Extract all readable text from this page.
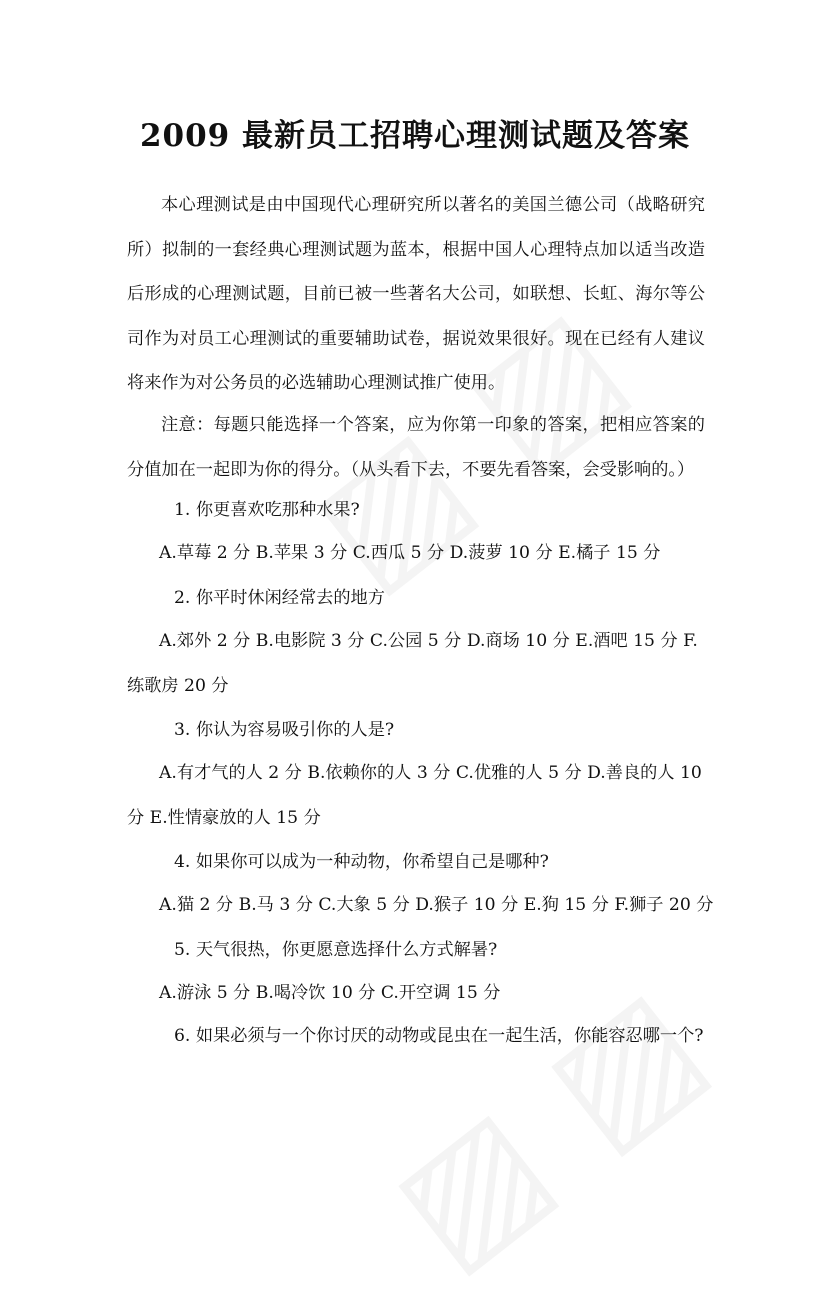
2009 最新员工招聘心理测试题及答案
本心理测试是由中国现代心理研究所以著名的美国兰德公司（战略研究所）拟制的一套经典心理测试题为蓝本，根据中国人心理特点加以适当改造后形成的心理测试题，目前已被一些著名大公司，如联想、长虹、海尔等公司作为对员工心理测试的重要辅助试卷，据说效果很好。现在已经有人建议将来作为对公务员的必选辅助心理测试推广使用。
注意：每题只能选择一个答案，应为你第一印象的答案，把相应答案的分值加在一起即为你的得分。（从头看下去，不要先看答案，会受影响的。）
1. 你更喜欢吃那种水果?
A.草莓 2 分 B.苹果 3 分 C.西瓜 5 分 D.菠萝 10 分 E.橘子 15 分
2. 你平时休闲经常去的地方
A.郊外 2 分 B.电影院 3 分 C.公园 5 分 D.商场 10 分 E.酒吧 15 分 F.练歌房 20 分
3. 你认为容易吸引你的人是?
A.有才气的人 2 分 B.依赖你的人 3 分 C.优雅的人 5 分 D.善良的人 10 分 E.性情豪放的人 15 分
4. 如果你可以成为一种动物，你希望自己是哪种?
A.猫 2 分 B.马 3 分 C.大象 5 分 D.猴子 10 分 E.狗 15 分 F.狮子 20 分
5. 天气很热，你更愿意选择什么方式解暑?
A.游泳 5 分 B.喝冷饮 10 分 C.开空调 15 分
6. 如果必须与一个你讨厌的动物或昆虫在一起生活，你能容忍哪一个?
